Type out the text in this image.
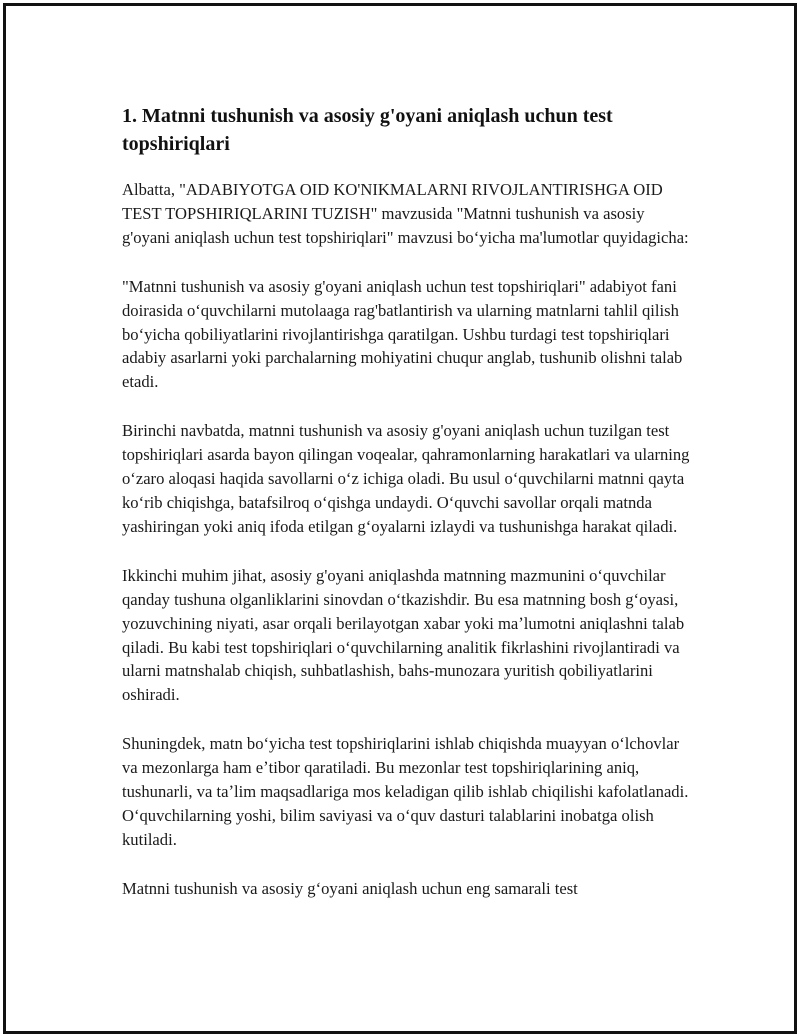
1. Matnni tushunish va asosiy g'oyani aniqlash uchun test topshiriqlari

Albatta, "ADABIYOTGA OID KO'NIKMALARNI RIVOJLANTIRISHGA OID TEST TOPSHIRIQLARINI TUZISH" mavzusida "Matnni tushunish va asosiy g'oyani aniqlash uchun test topshiriqlari" mavzusi boʻyicha ma'lumotlar quyidagicha:

"Matnni tushunish va asosiy g'oyani aniqlash uchun test topshiriqlari" adabiyot fani doirasida oʻquvchilarni mutolaaga rag'batlantirish va ularning matnlarni tahlil qilish boʻyicha qobiliyatlarini rivojlantirishga qaratilgan. Ushbu turdagi test topshiriqlari adabiy asarlarni yoki parchalarning mohiyatini chuqur anglab, tushunib olishni talab etadi.

Birinchi navbatda, matnni tushunish va asosiy g'oyani aniqlash uchun tuzilgan test topshiriqlari asarda bayon qilingan voqealar, qahramonlarning harakatlari va ularning oʻzaro aloqasi haqida savollarni oʻz ichiga oladi. Bu usul oʻquvchilarni matnni qayta koʻrib chiqishga, batafsilroq oʻqishga undaydi. Oʻquvchi savollar orqali matnda yashiringan yoki aniq ifoda etilgan gʻoyalarni izlaydi va tushunishga harakat qiladi.

Ikkinchi muhim jihat, asosiy g'oyani aniqlashda matnning mazmunini oʻquvchilar qanday tushuna olganliklarini sinovdan oʻtkazishdir. Bu esa matnning bosh gʻoyasi, yozuvchining niyati, asar orqali berilayotgan xabar yoki maʼlumotni aniqlashni talab qiladi. Bu kabi test topshiriqlari oʻquvchilarning analitik fikrlashini rivojlantiradi va ularni matnshalab chiqish, suhbatlashish, bahs-munozara yuritish qobiliyatlarini oshiradi.

Shuningdek, matn boʻyicha test topshiriqlarini ishlab chiqishda muayyan oʻlchovlar va mezonlarga ham eʼtibor qaratiladi. Bu mezonlar test topshiriqlarining aniq, tushunarli, va taʼlim maqsadlariga mos keladigan qilib ishlab chiqilishi kafolatlanadi. Oʻquvchilarning yoshi, bilim saviyasi va oʻquv dasturi talablarini inobatga olish kutiladi.

Matnni tushunish va asosiy gʻoyani aniqlash uchun eng samarali test
